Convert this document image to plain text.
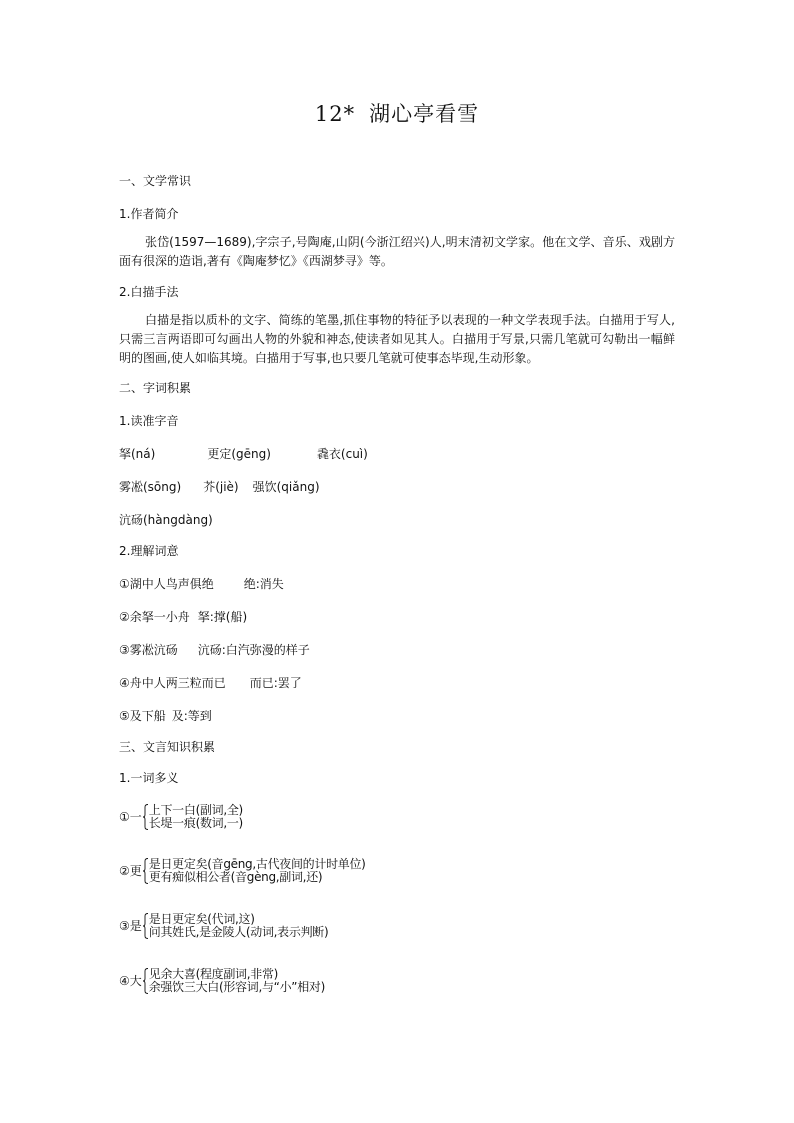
12* 湖心亭看雪
一、文学常识
1.作者简介
张岱(1597—1689),字宗子,号陶庵,山阴(今浙江绍兴)人,明末清初文学家。他在文学、音乐、戏剧方面有很深的造诣,著有《陶庵梦忆》《西湖梦寻》等。
2.白描手法
白描是指以质朴的文字、简练的笔墨,抓住事物的特征予以表现的一种文学表现手法。白描用于写人,只需三言两语即可勾画出人物的外貌和神态,使读者如见其人。白描用于写景,只需几笔就可勾勒出一幅鲜明的图画,使人如临其境。白描用于写事,也只要几笔就可使事态毕现,生动形象。
二、字词积累
1.读准字音
拏(ná)	更定(gēng)	毳衣(cuì)
雾凇(sōng) 芥(jiè) 强饮(qiǎng)
沆砀(hàngdàng)
2.理解词意
①湖中人鸟声俱绝	绝:消失
②余拏一小舟 拏:撑(船)
③雾凇沆砀 沆砀:白汽弥漫的样子
④舟中人两三粒而已 而已:罢了
⑤及下船 及:等到
三、文言知识积累
1.一词多义
①一 上下一白(副词,全)
长堤一痕(数词,一)
②更 是日更定矣(音gēng,古代夜间的计时单位)
更有痴似相公者(音gèng,副词,还)
③是 是日更定矣(代词,这)
问其姓氏,是金陵人(动词,表示判断)
④大 见余大喜(程度副词,非常)
余强饮三大白(形容词,与“小”相对)
